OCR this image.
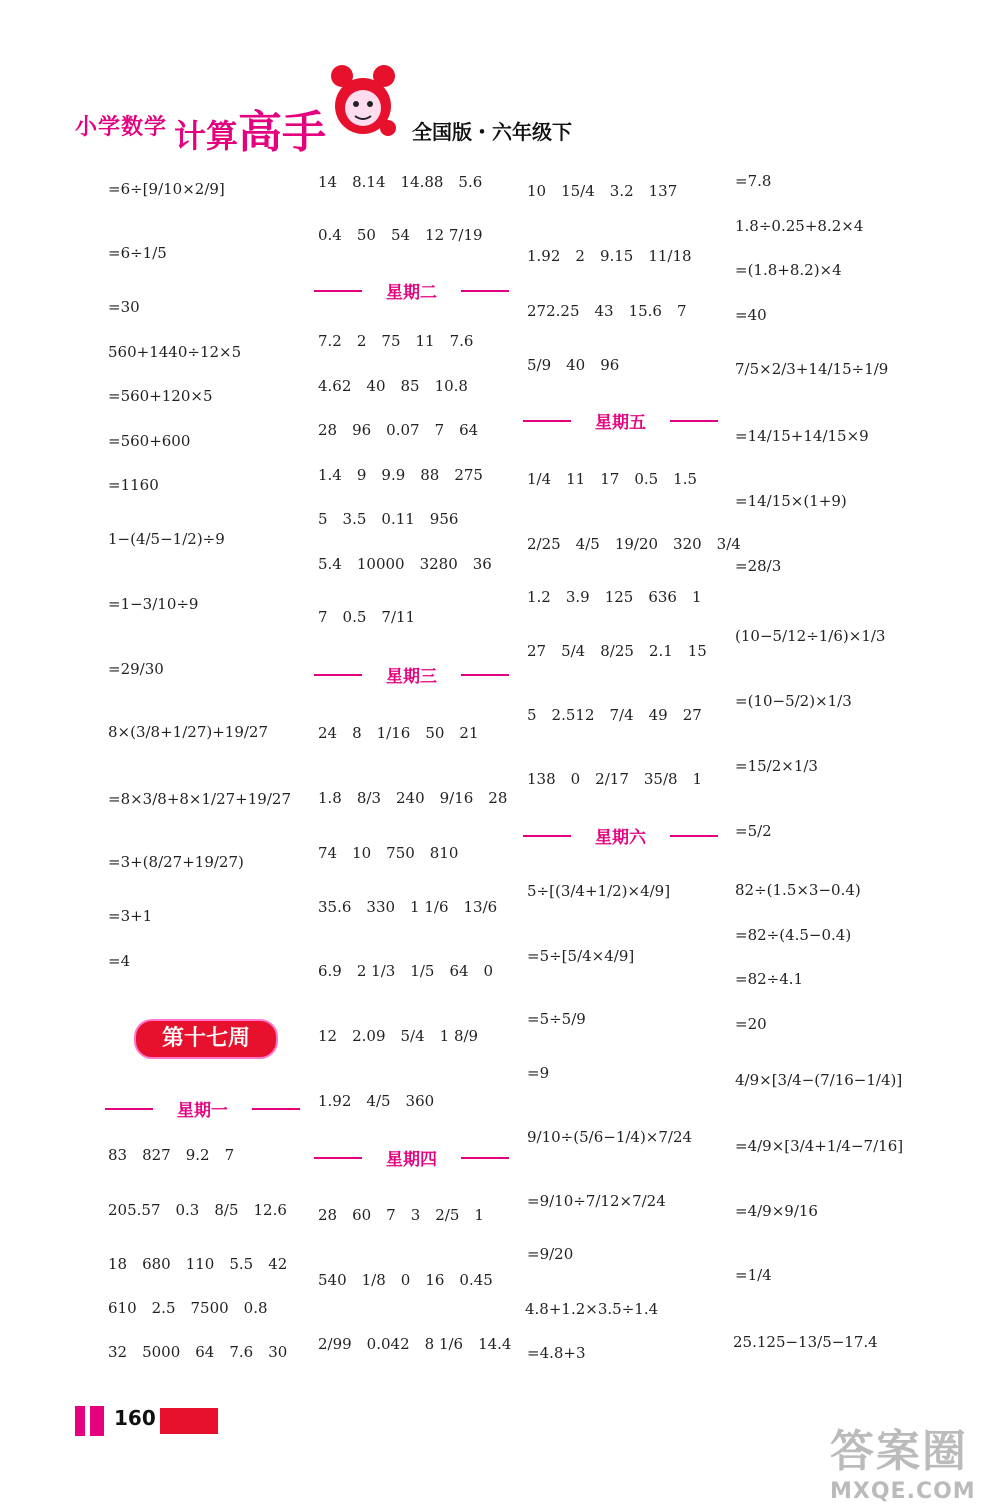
小学数学 计算高手	全国版・六年级下
=6÷[9/10×2/9]
=6÷1/5
=30
560+1440÷12×5
=560+120×5
=560+600
=1160
1−(4/5−1/2)÷9
=1−3/10÷9
=29/30
8×(3/8+1/27)+19/27
=8×3/8+8×1/27+19/27
=3+(8/27+19/27)
=3+1
=4
第十七周
星期一
83　827　9.2　7
205.57　0.3　8/5　12.6
18　680　110　5.5　42
610　2.5　7500　0.8
32　5000　64　7.6　30
14　8.14　14.88　5.6
0.4　50　54　12 7/19
星期二
7.2　2　75　11　7.6
4.62　40　85　10.8
28　96　0.07　7　64
1.4　9　9.9　88　275
5　3.5　0.11　956
5.4　10000　3280　36
7　0.5　7/11
星期三
24　8　1/16　50　21
1.8　8/3　240　9/16　28
74　10　750　810
35.6　330　1 1/6　13/6
6.9　2 1/3　1/5　64　0
12　2.09　5/4　1 8/9
1.92　4/5　360
星期四
28　60　7　3　2/5　1
540　1/8　0　16　0.45
2/99　0.042　8 1/6　14.4
10　15/4　3.2　137
1.92　2　9.15　11/18
272.25　43　15.6　7
5/9　40　96
星期五
1/4　11　17　0.5　1.5
2/25　4/5　19/20　320　3/4
1.2　3.9　125　636　1
27　5/4　8/25　2.1　15
5　2.512　7/4　49　27
138　0　2/17　35/8　1
星期六
5÷[(3/4+1/2)×4/9]
=5÷[5/4×4/9]
=5÷5/9
=9
9/10÷(5/6−1/4)×7/24
=9/10÷7/12×7/24
=9/20
4.8+1.2×3.5÷1.4
=4.8+3
=7.8
1.8÷0.25+8.2×4
=(1.8+8.2)×4
=40
7/5×2/3+14/15÷1/9
=14/15+14/15×9
=14/15×(1+9)
=28/3
(10−5/12÷1/6)×1/3
=(10−5/2)×1/3
=15/2×1/3
=5/2
82÷(1.5×3−0.4)
=82÷(4.5−0.4)
=82÷4.1
=20
4/9×[3/4−(7/16−1/4)]
=4/9×[3/4+1/4−7/16]
=4/9×9/16
=1/4
25.125−13/5−17.4
160
答案圈
MXQE.COM
